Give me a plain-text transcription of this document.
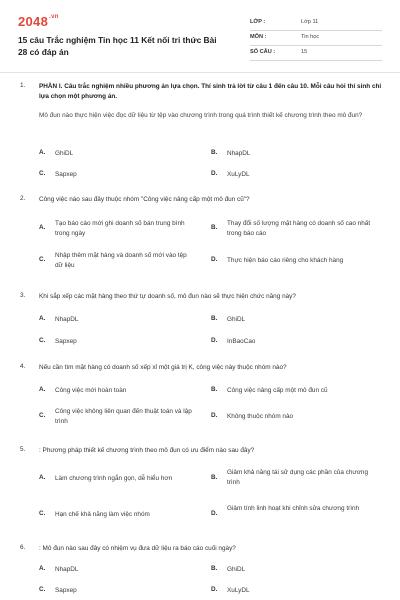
$2048^{.vn}$
15 câu Trắc nghiệm Tin học 11 Kết nối tri thức Bài 28 có đáp án
LỚP :	Lớp 11
MÔN :	Tin học
SỐ CÂU :	15
1. PHẦN I. Câu trắc nghiệm nhiều phương án lựa chọn. Thí sinh trả lời từ câu 1 đến câu 10. Mỗi câu hỏi thí sinh chỉ lựa chọn một phương án.
Mô đun nào thực hiện việc đọc dữ liệu từ tệp vào chương trình trong quá trình thiết kế chương trình theo mô đun?
A. GhiDL	B. NhapDL
C. Sapxep	D. XuLyDL
2. Công việc nào sau đây thuộc nhóm "Công việc nâng cấp một mô đun cũ"?
A.
Tạo báo cáo mới ghi doanh số bán trung bình trong ngày
B.
Thay đổi số lượng mặt hàng có doanh số cao nhất trong báo cáo
C.
Nhập thêm mặt hàng và doanh số mới vào tệp dữ liệu
D. Thực hiện báo cáo riêng cho khách hàng
3. Khi sắp xếp các mặt hàng theo thứ tự doanh số, mô đun nào sẽ thực hiện chức năng này?
A. NhapDL	B. GhiDL
C. Sapxep	D. InBaoCao
4. Nếu cần tìm mặt hàng có doanh số xếp xỉ một giá trị K, công việc này thuộc nhóm nào?
A. Công việc mới hoàn toàn	B. Công việc nâng cấp một mô đun cũ
C.
Công việc không liên quan đến thuật toán và lập trình
D. Không thuộc nhóm nào
5. : Phương pháp thiết kế chương trình theo mô đun có ưu điểm nào sau đây?
A. Làm chương trình ngắn gọn, dễ hiểu hơn	B.
Giảm khả năng tái sử dụng các phần của chương trình
C. Hạn chế khả năng làm việc nhóm	D.
Giảm tính linh hoạt khi chỉnh sửa chương trình
6. : Mô đun nào sau đây có nhiệm vụ đưa dữ liệu ra báo cáo cuối ngày?
A. NhapDL	B. GhiDL
C. Sapxep	D. XuLyDL
